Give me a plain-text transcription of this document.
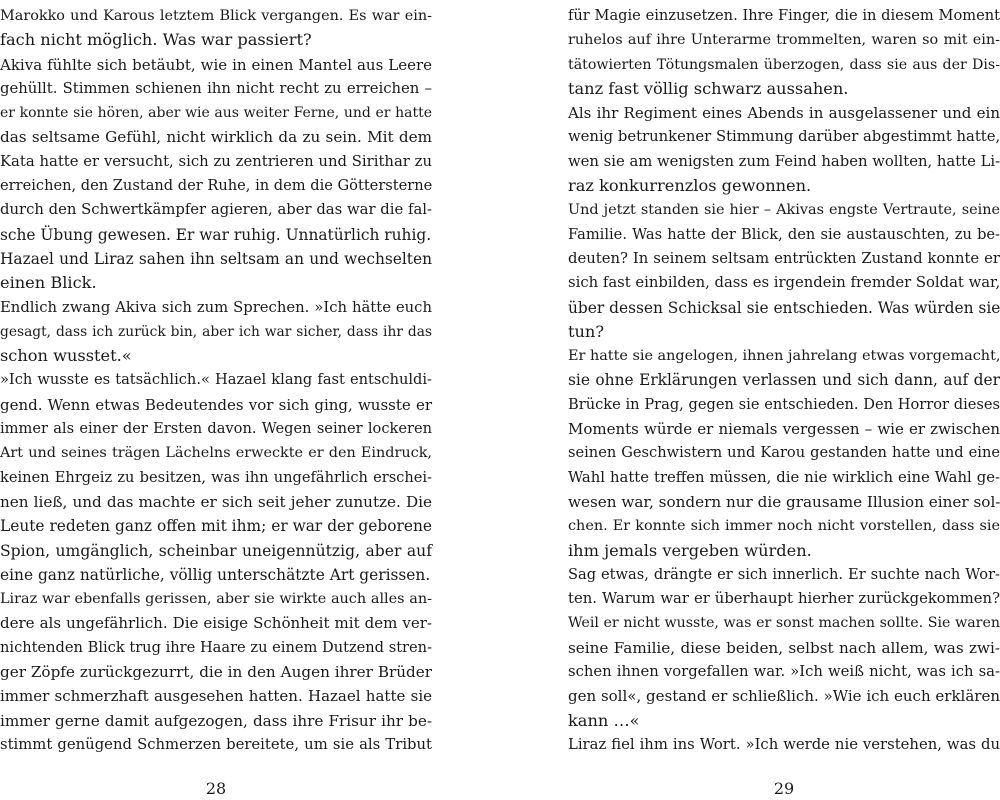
Marokko und Karous letztem Blick vergangen. Es war ein-
fach nicht möglich. Was war passiert?
Akiva fühlte sich betäubt, wie in einen Mantel aus Leere
gehüllt. Stimmen schienen ihn nicht recht zu erreichen –
er konnte sie hören, aber wie aus weiter Ferne, und er hatte
das seltsame Gefühl, nicht wirklich da zu sein. Mit dem
Kata hatte er versucht, sich zu zentrieren und Sirithar zu
erreichen, den Zustand der Ruhe, in dem die Göttersterne
durch den Schwertkämpfer agieren, aber das war die fal-
sche Übung gewesen. Er war ruhig. Unnatürlich ruhig.
Hazael und Liraz sahen ihn seltsam an und wechselten
einen Blick.
Endlich zwang Akiva sich zum Sprechen. »Ich hätte euch
gesagt, dass ich zurück bin, aber ich war sicher, dass ihr das
schon wusstet.«
»Ich wusste es tatsächlich.« Hazael klang fast entschuldi-
gend. Wenn etwas Bedeutendes vor sich ging, wusste er
immer als einer der Ersten davon. Wegen seiner lockeren
Art und seines trägen Lächelns erweckte er den Eindruck,
keinen Ehrgeiz zu besitzen, was ihn ungefährlich erschei-
nen ließ, und das machte er sich seit jeher zunutze. Die
Leute redeten ganz offen mit ihm; er war der geborene
Spion, umgänglich, scheinbar uneigennützig, aber auf
eine ganz natürliche, völlig unterschätzte Art gerissen.
Liraz war ebenfalls gerissen, aber sie wirkte auch alles an-
dere als ungefährlich. Die eisige Schönheit mit dem ver-
nichtenden Blick trug ihre Haare zu einem Dutzend stren-
ger Zöpfe zurückgezurrt, die in den Augen ihrer Brüder
immer schmerzhaft ausgesehen hatten. Hazael hatte sie
immer gerne damit aufgezogen, dass ihre Frisur ihr be-
stimmt genügend Schmerzen bereitete, um sie als Tribut
28
für Magie einzusetzen. Ihre Finger, die in diesem Moment
ruhelos auf ihre Unterarme trommelten, waren so mit ein-
tätowierten Tötungsmalen überzogen, dass sie aus der Dis-
tanz fast völlig schwarz aussahen.
Als ihr Regiment eines Abends in ausgelassener und ein
wenig betrunkener Stimmung darüber abgestimmt hatte,
wen sie am wenigsten zum Feind haben wollten, hatte Li-
raz konkurrenzlos gewonnen.
Und jetzt standen sie hier – Akivas engste Vertraute, seine
Familie. Was hatte der Blick, den sie austauschten, zu be-
deuten? In seinem seltsam entrückten Zustand konnte er
sich fast einbilden, dass es irgendein fremder Soldat war,
über dessen Schicksal sie entschieden. Was würden sie
tun?
Er hatte sie angelogen, ihnen jahrelang etwas vorgemacht,
sie ohne Erklärungen verlassen und sich dann, auf der
Brücke in Prag, gegen sie entschieden. Den Horror dieses
Moments würde er niemals vergessen – wie er zwischen
seinen Geschwistern und Karou gestanden hatte und eine
Wahl hatte treffen müssen, die nie wirklich eine Wahl ge-
wesen war, sondern nur die grausame Illusion einer sol-
chen. Er konnte sich immer noch nicht vorstellen, dass sie
ihm jemals vergeben würden.
Sag etwas, drängte er sich innerlich. Er suchte nach Wor-
ten. Warum war er überhaupt hierher zurückgekommen?
Weil er nicht wusste, was er sonst machen sollte. Sie waren
seine Familie, diese beiden, selbst nach allem, was zwi-
schen ihnen vorgefallen war. »Ich weiß nicht, was ich sa-
gen soll«, gestand er schließlich. »Wie ich euch erklären
kann …«
Liraz fiel ihm ins Wort. »Ich werde nie verstehen, was du
29
